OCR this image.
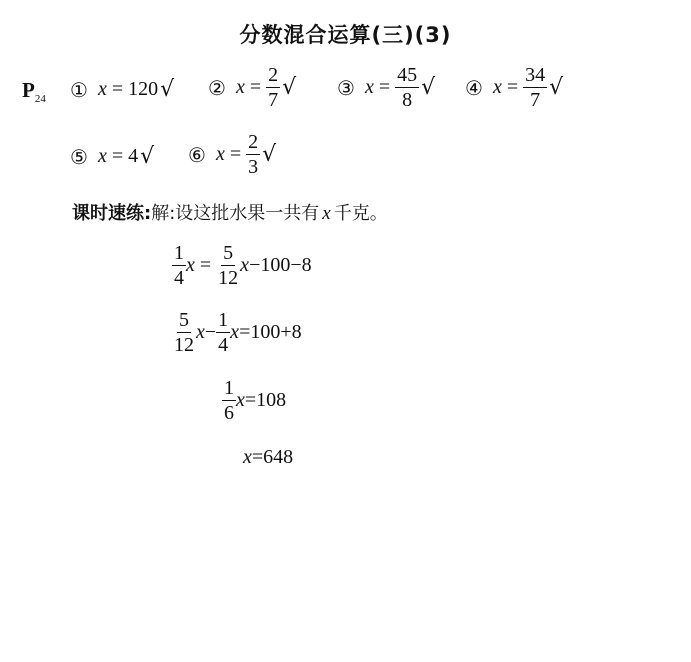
分数混合运算(三)(3)
$P_{24}$ ① x = 120 √ ② $x = \frac{2}{7}$ √ ③ $x = \frac{45}{8}$ √ ④ $x = \frac{34}{7}$ √
⑤ x = 4 √ ⑥ $x = \frac{2}{3}$ √
课时速练:解:设这批水果一共有 x 千克。
$\frac{1}{4}$ $x = \frac{5}{12}$ x −100−8
$\frac{5}{12}$ $x - \frac{1}{4}$ x =100+8
$\frac{1}{6}$ x =108
x =648
